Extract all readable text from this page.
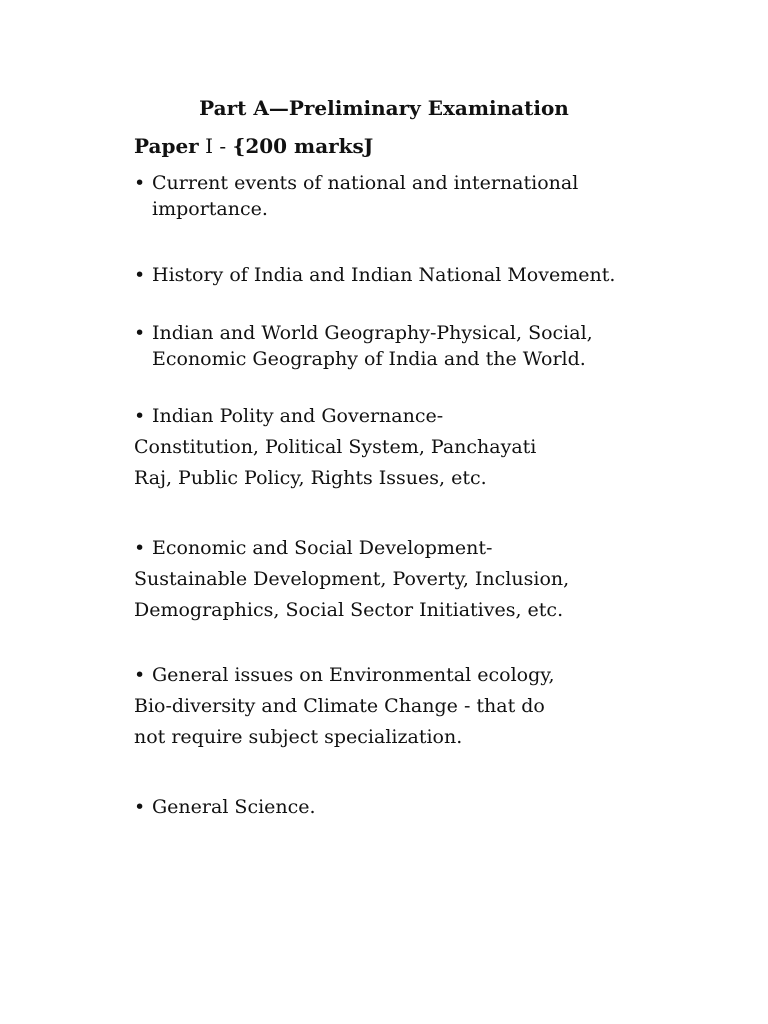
Part A—Preliminary Examination
Paper I - {200 marksJ
• Current events of national and international
importance.
• History of India and Indian National Movement.
• Indian and World Geography-Physical, Social,
Economic Geography of India and the World.
• Indian Polity and Governance-
Constitution, Political System, Panchayati
Raj, Public Policy, Rights Issues, etc.
• Economic and Social Development-
Sustainable Development, Poverty, Inclusion,
Demographics, Social Sector Initiatives, etc.
• General issues on Environmental ecology,
Bio-diversity and Climate Change - that do
not require subject specialization.
• General Science.
